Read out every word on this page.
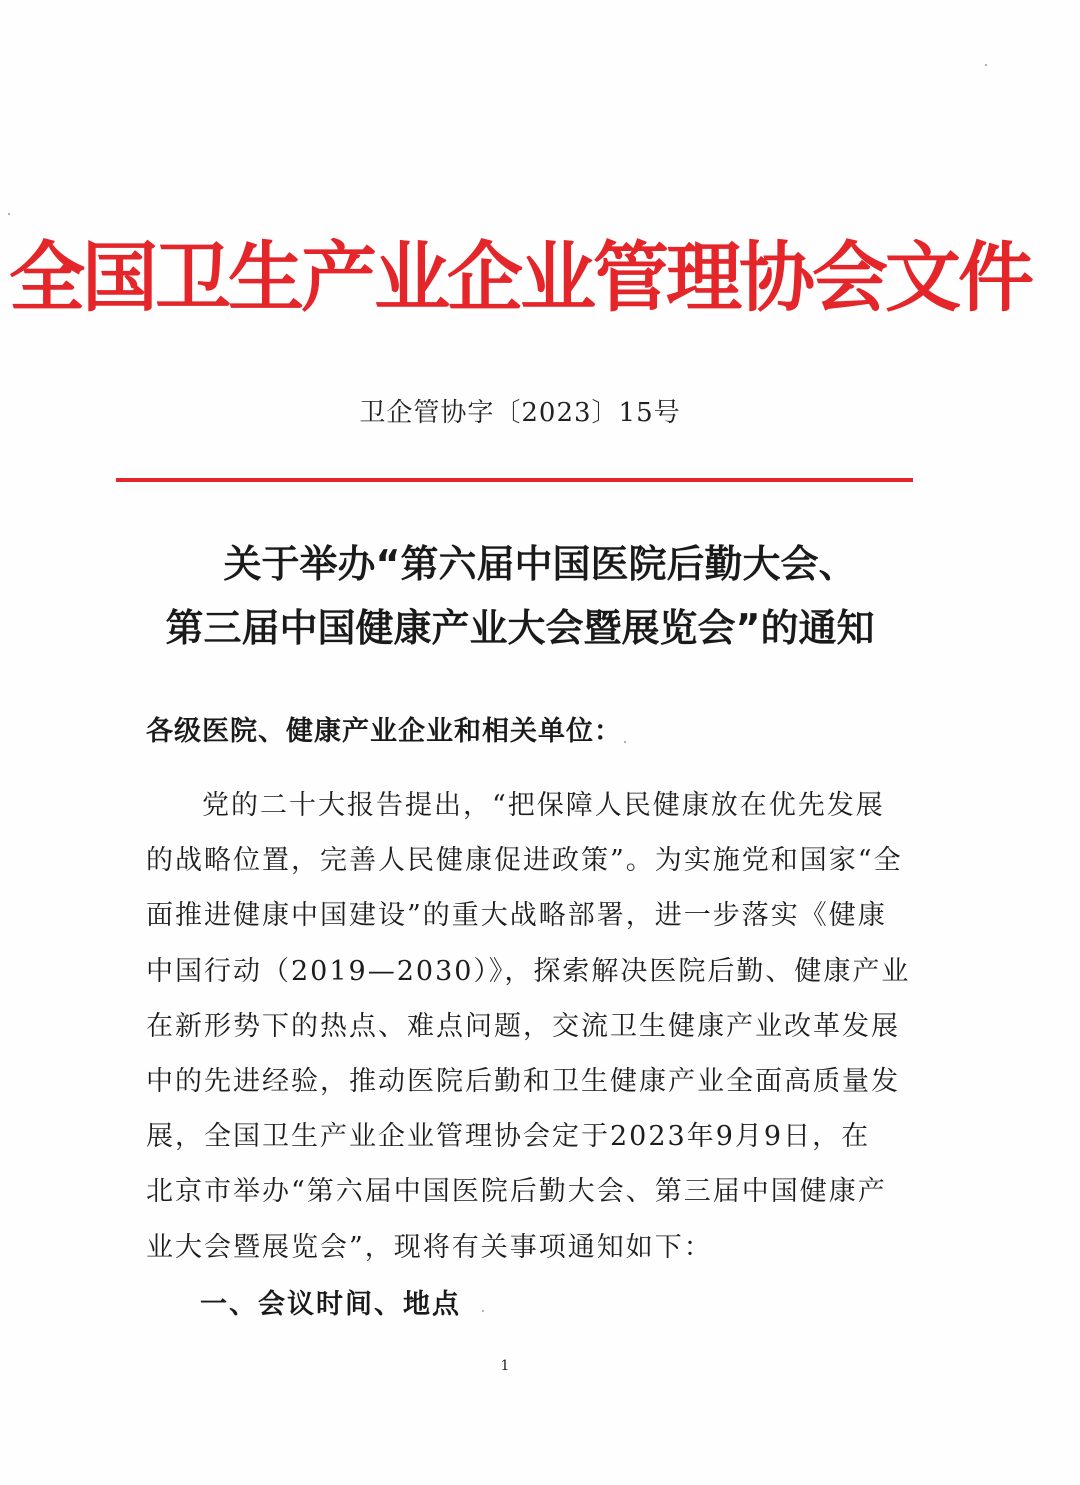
全国卫生产业企业管理协会文件
卫企管协字〔2023〕15号
关于举办“第六届中国医院后勤大会、
第三届中国健康产业大会暨展览会”的通知
各级医院、健康产业企业和相关单位：
党的二十大报告提出，“把保障人民健康放在优先发展
的战略位置，完善人民健康促进政策”。为实施党和国家“全
面推进健康中国建设”的重大战略部署，进一步落实《健康
中国行动（2019—2030）》，探索解决医院后勤、健康产业
在新形势下的热点、难点问题，交流卫生健康产业改革发展
中的先进经验，推动医院后勤和卫生健康产业全面高质量发
展，全国卫生产业企业管理协会定于2023年9月9日，在
北京市举办“第六届中国医院后勤大会、第三届中国健康产
业大会暨展览会”，现将有关事项通知如下：
一、会议时间、地点
1
